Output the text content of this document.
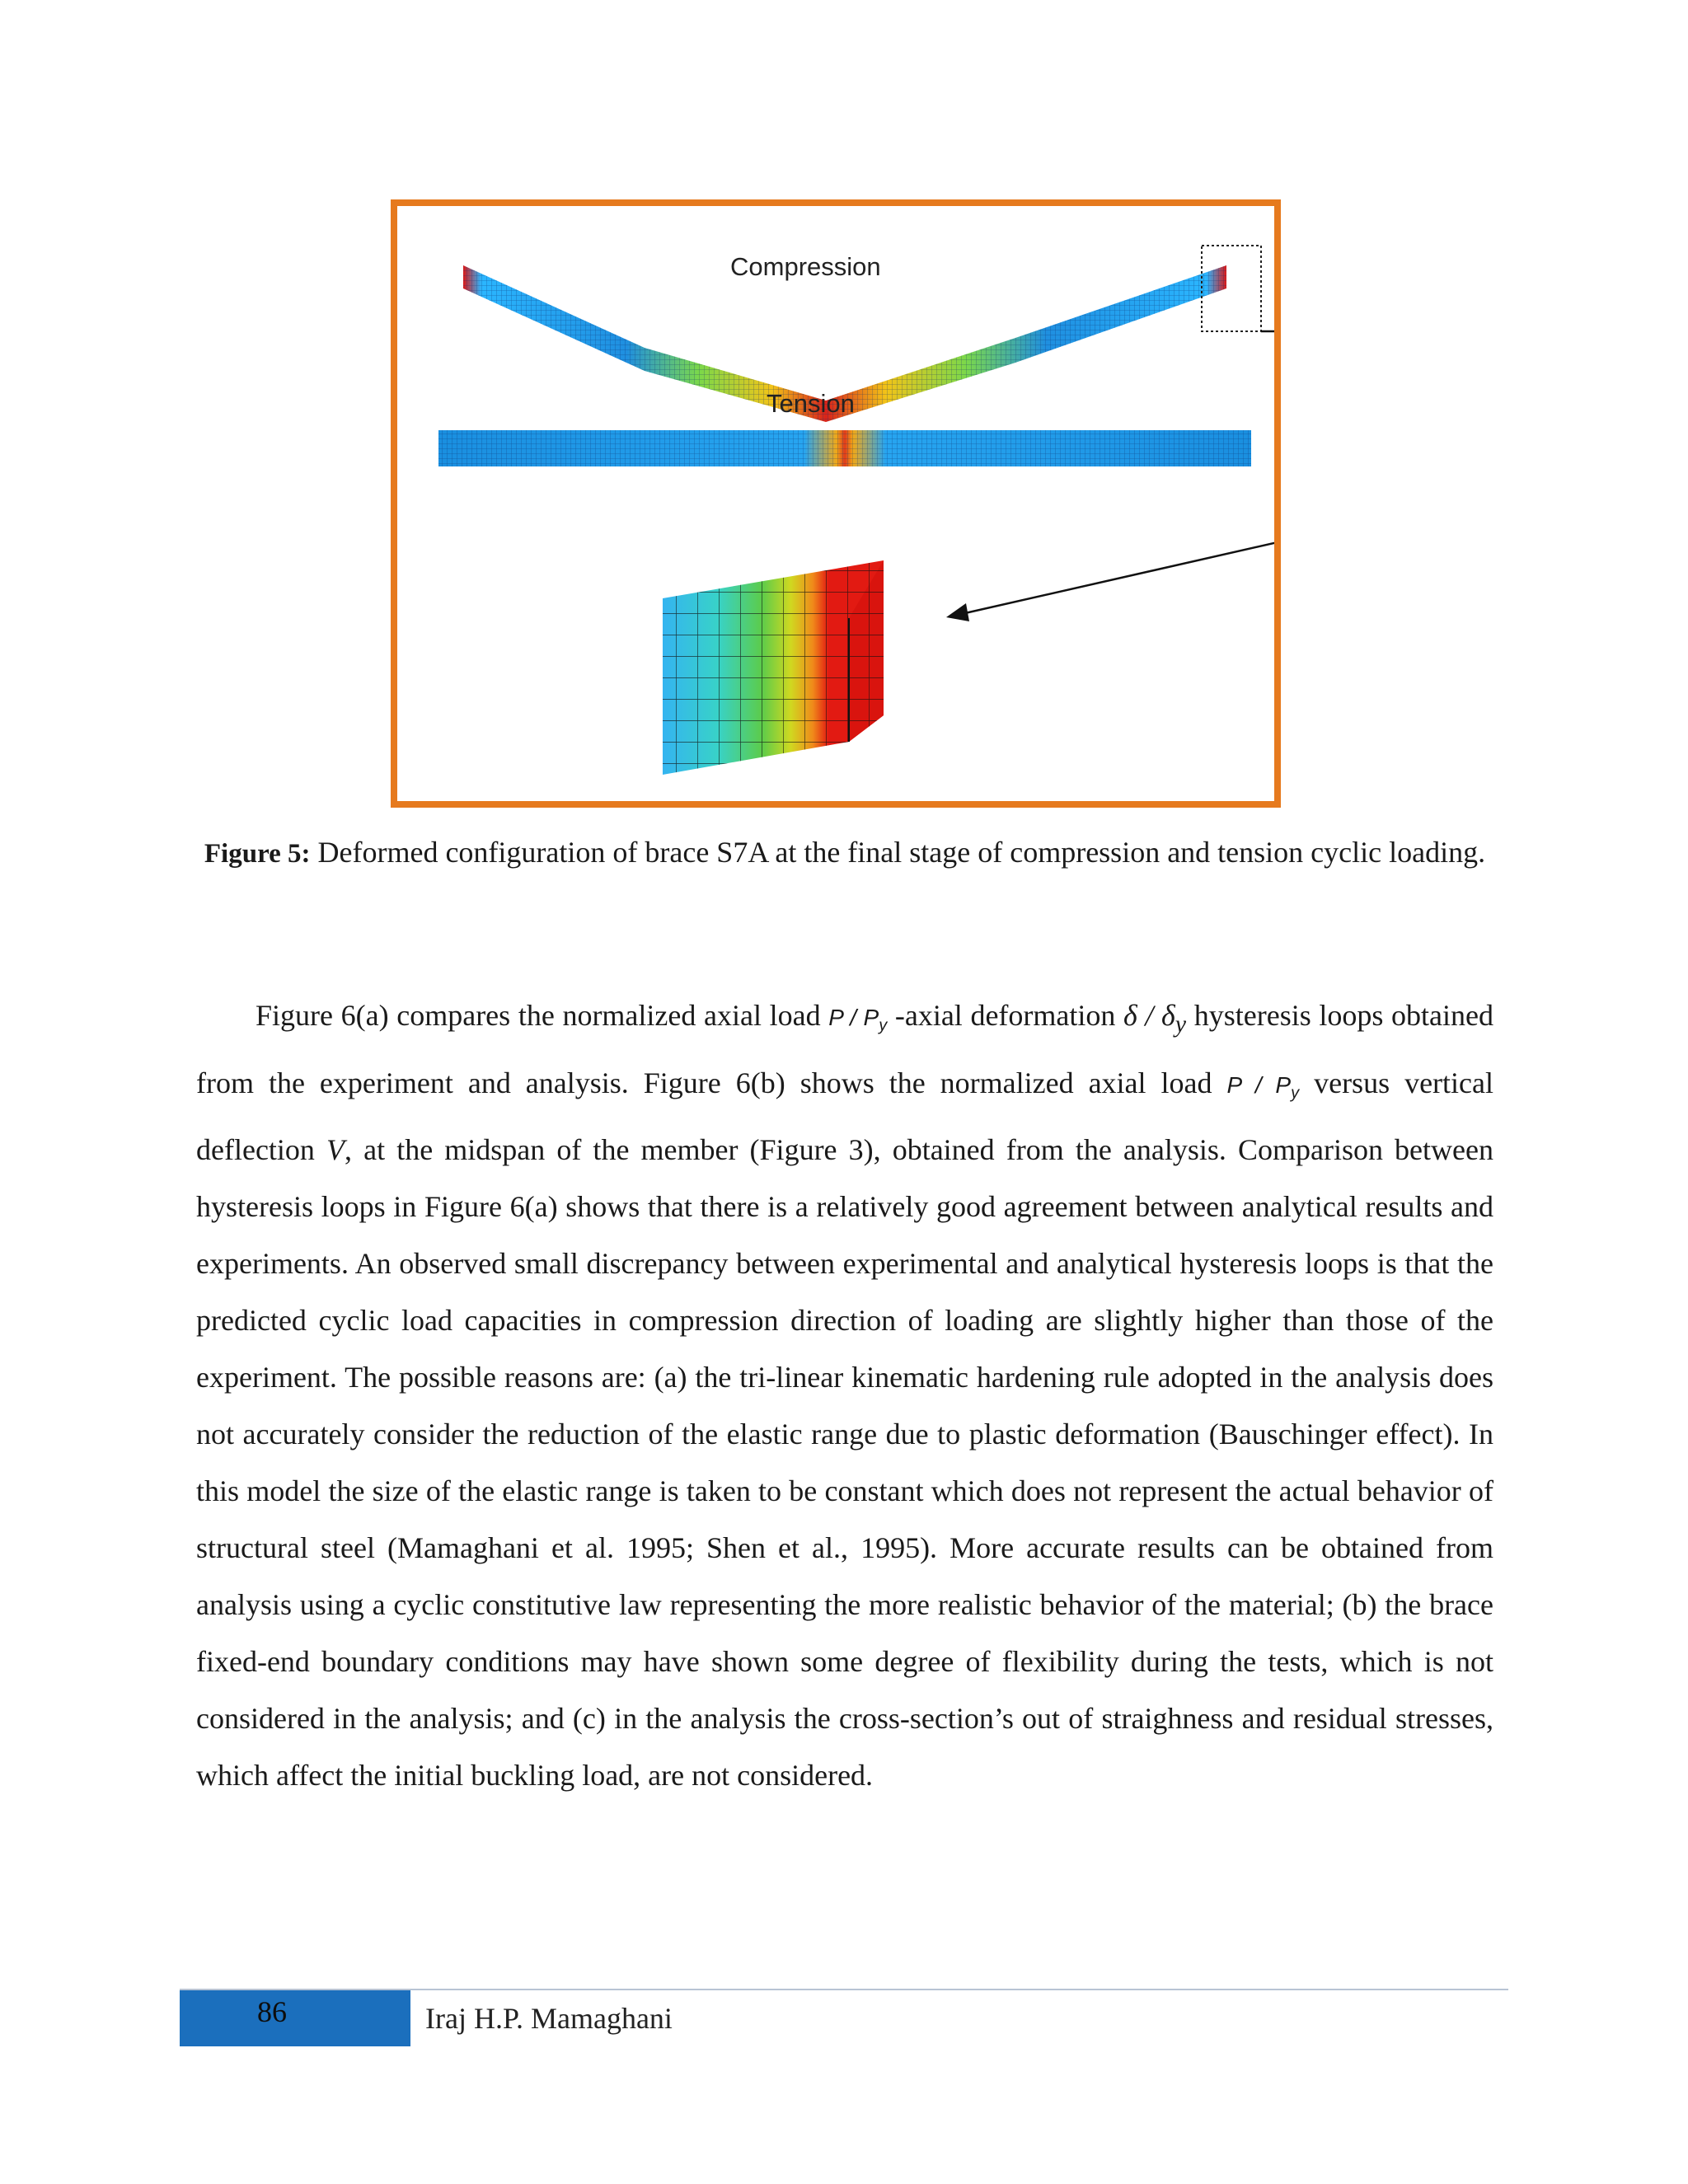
Compression
Tension
Figure 5: Deformed configuration of brace S7A at the final stage of compression and tension cyclic loading.
Figure 6(a) compares the normalized axial load P / $P_y$ -axial deformation δ / $\delta_y$ hysteresis loops obtained from the experiment and analysis. Figure 6(b) shows the normalized axial load P / $P_y$ versus vertical deflection V, at the midspan of the member (Figure 3), obtained from the analysis. Comparison between hysteresis loops in Figure 6(a) shows that there is a relatively good agreement between analytical results and experiments. An observed small discrepancy between experimental and analytical hysteresis loops is that the predicted cyclic load capacities in compression direction of loading are slightly higher than those of the experiment. The possible reasons are: (a) the tri-linear kinematic hardening rule adopted in the analysis does not accurately consider the reduction of the elastic range due to plastic deformation (Bauschinger effect). In this model the size of the elastic range is taken to be constant which does not represent the actual behavior of structural steel (Mamaghani et al. 1995; Shen et al., 1995). More accurate results can be obtained from analysis using a cyclic constitutive law representing the more realistic behavior of the material; (b) the brace fixed-end boundary conditions may have shown some degree of flexibility during the tests, which is not considered in the analysis; and (c) in the analysis the cross-section’s out of straighness and residual stresses, which affect the initial buckling load, are not considered.
86	Iraj H.P. Mamaghani
